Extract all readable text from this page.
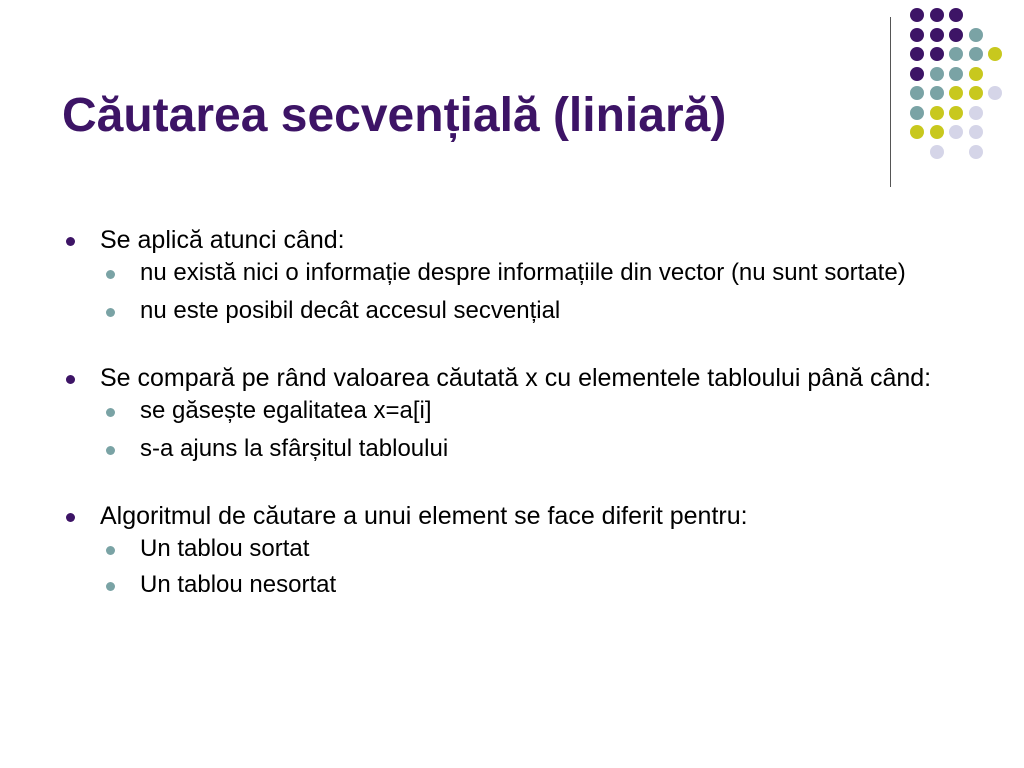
Căutarea secvențială (liniară)
Se aplică atunci când:
nu există nici o informație despre informațiile din vector (nu sunt sortate)
nu este posibil decât accesul secvențial
Se compară pe rând valoarea căutată x cu elementele tabloului până când:
se găsește egalitatea x=a[i]
s-a ajuns la sfârșitul tabloului
Algoritmul de căutare a unui element se face diferit pentru:
Un tablou sortat
Un tablou nesortat
